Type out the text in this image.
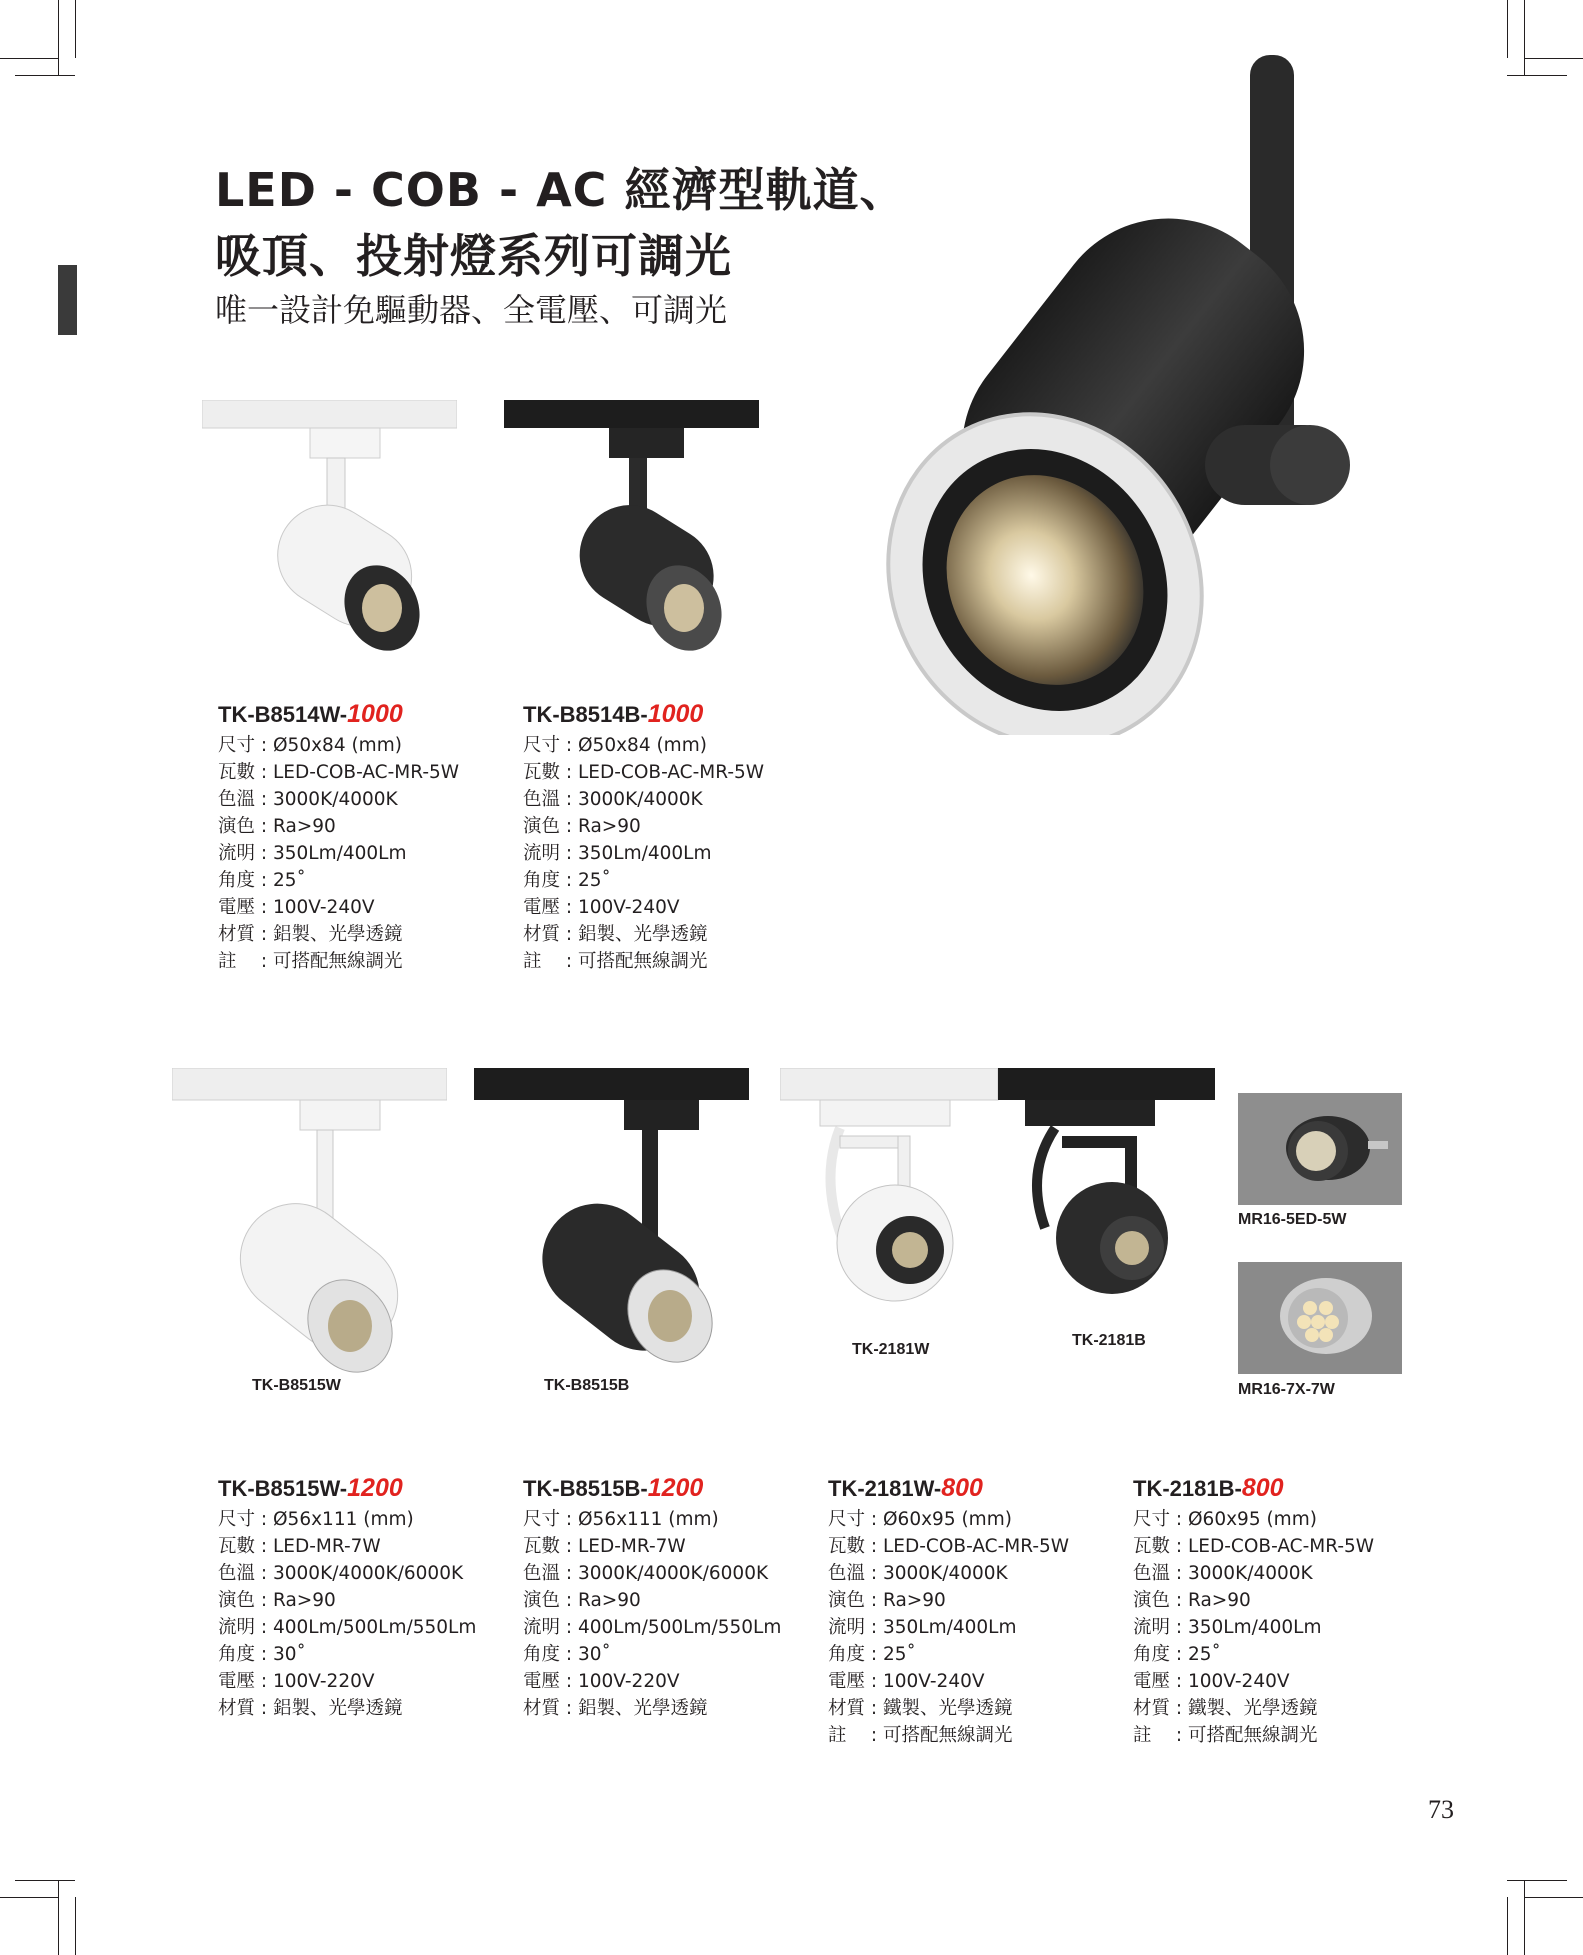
LED - COB - AC 經濟型軌道、
吸頂、投射燈系列可調光
唯一設計免驅動器、全電壓、可調光
TK-B8514W-1000
尺寸 : Ø50x84 (mm)
瓦數 : LED-COB-AC-MR-5W
色溫 : 3000K/4000K
演色 : Ra>90
流明 : 350Lm/400Lm
角度 : 25˚
電壓 : 100V-240V
材質 : 鋁製、光學透鏡
註　 : 可搭配無線調光
TK-B8514B-1000
尺寸 : Ø50x84 (mm)
瓦數 : LED-COB-AC-MR-5W
色溫 : 3000K/4000K
演色 : Ra>90
流明 : 350Lm/400Lm
角度 : 25˚
電壓 : 100V-240V
材質 : 鋁製、光學透鏡
註　 : 可搭配無線調光
TK-B8515W	TK-B8515B
TK-2181W
TK-2181B
MR16-5ED-5W
MR16-7X-7W
TK-B8515W-1200
尺寸 : Ø56x111 (mm)
瓦數 : LED-MR-7W
色溫 : 3000K/4000K/6000K
演色 : Ra>90
流明 : 400Lm/500Lm/550Lm
角度 : 30˚
電壓 : 100V-220V
材質 : 鋁製、光學透鏡
TK-B8515B-1200
尺寸 : Ø56x111 (mm)
瓦數 : LED-MR-7W
色溫 : 3000K/4000K/6000K
演色 : Ra>90
流明 : 400Lm/500Lm/550Lm
角度 : 30˚
電壓 : 100V-220V
材質 : 鋁製、光學透鏡
TK-2181W-800
尺寸 : Ø60x95 (mm)
瓦數 : LED-COB-AC-MR-5W
色溫 : 3000K/4000K
演色 : Ra>90
流明 : 350Lm/400Lm
角度 : 25˚
電壓 : 100V-240V
材質 : 鐵製、光學透鏡
註　 : 可搭配無線調光
TK-2181B-800
尺寸 : Ø60x95 (mm)
瓦數 : LED-COB-AC-MR-5W
色溫 : 3000K/4000K
演色 : Ra>90
流明 : 350Lm/400Lm
角度 : 25˚
電壓 : 100V-240V
材質 : 鐵製、光學透鏡
註　 : 可搭配無線調光
73
